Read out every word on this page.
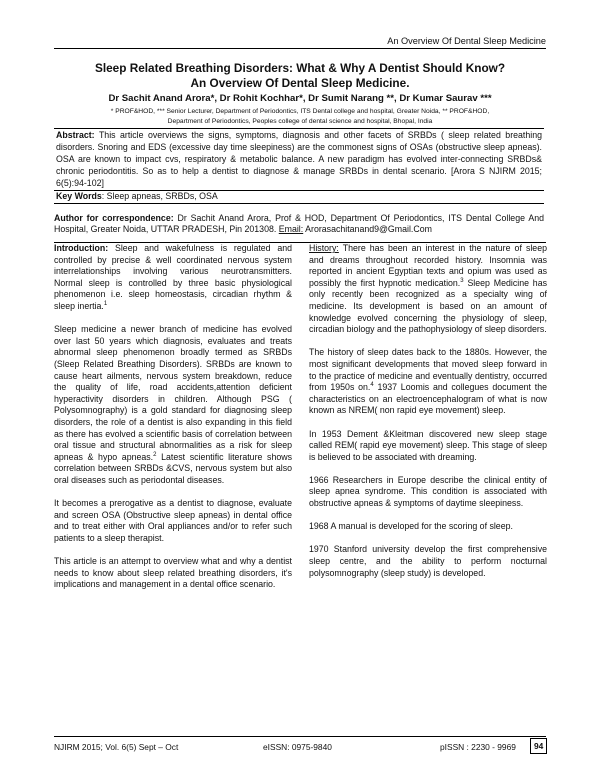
An Overview Of Dental Sleep Medicine
Sleep Related Breathing Disorders: What & Why A Dentist Should Know?
An Overview Of Dental Sleep Medicine.
Dr Sachit Anand Arora*, Dr Rohit Kochhar*, Dr Sumit Narang **, Dr Kumar Saurav ***
* PROF&HOD, *** Senior Lecturer, Department of Periodontics, ITS Dental college and hospital, Greater Noida, ** PROF&HOD,
Department of Periodontics, Peoples college of dental science and hospital, Bhopal, India
Abstract: This article overviews the signs, symptoms, diagnosis and other facets of SRBDs ( sleep related breathing disorders. Snoring and EDS (excessive day time sleepiness) are the commonest signs of OSAs (obstructive sleep apneas). OSA are known to impact cvs, respiratory & metabolic balance. A new paradigm has evolved inter-connecting SRBDs& chronic periodontitis. So as to help a dentist to diagnose & manage SRBDs in dental scenario. [Arora S NJIRM 2015; 6(5):94-102]
Key Words: Sleep apneas, SRBDs, OSA
Author for correspondence: Dr Sachit Anand Arora, Prof & HOD, Department Of Periodontics, ITS Dental College And Hospital, Greater Noida, UTTAR PRADESH, Pin 201308. Email: Arorasachitanand9@Gmail.Com

Introduction: Sleep and wakefulness is regulated and controlled by precise & well coordinated nervous system interrelationships involving various neurotransmitters. Normal sleep is controlled by three basic physiological phenomenon i.e. sleep homeostasis, circadian rhythm & sleep inertia.$^1$

Sleep medicine a newer branch of medicine has evolved over last 50 years which diagnosis, evaluates and treats abnormal sleep phenomenon broadly termed as SRBDs (Sleep Related Breathing Disorders). SRBDs are known to cause heart ailments, nervous system breakdown, reduce the quality of life, road accidents,attention deficient hyperactivity disorders in children. Although PSG ( Polysomnography) is a gold standard for diagnosing sleep disorders, the role of a dentist is also expanding in this field as there has evolved a scientific basis of correlation between oral tissue and structural abnormalities as a risk for sleep apneas & hypo apneas.$^2$ Latest scientific literature shows correlation between SRBDs &CVS, nervous system but also oral diseases such as periodontal diseases.

It becomes a prerogative as a dentist to diagnose, evaluate and screen OSA (Obstructive sleep apneas) in dental office and to treat either with Oral appliances and/or to refer such patients to a sleep therapist.

This article is an attempt to overview what and why a dentist needs to know about sleep related breathing disorders, it's implications and management in a dental office scenario.

History: There has been an interest in the nature of sleep and dreams throughout recorded history. Insomnia was reported in ancient Egyptian texts and opium was used as possibly the first hypnotic medication.$^3$ Sleep Medicine has only recently been recognized as a specialty wing of medicine. Its development is based on an amount of knowledge evolved concerning the physiology of sleep, circadian biology and the pathophysiology of sleep disorders.

The history of sleep dates back to the 1880s. However, the most significant developments that moved sleep forward in to the practice of medicine and eventually dentistry, occurred from 1950s on.$^4$ 1937 Loomis and collegues document the characteristics on an electroencephalogram of what is now known as NREM( non rapid eye movement) sleep.

In 1953 Dement &Kleitman discovered new sleep stage called REM( rapid eye movement) sleep. This stage of sleep is believed to be associated with dreaming.

1966 Researchers in Europe describe the clinical entity of sleep apnea syndrome. This condition is associated with obstructive apneas & symptoms of daytime sleepiness.

1968 A manual is developed for the scoring of sleep.

1970 Stanford university develop the first comprehensive sleep centre, and the ability to perform nocturnal polysomnography (sleep study) is developed.

NJIRM 2015; Vol. 6(5) Sept – Oct	eISSN: 0975-9840	pISSN : 2230 - 9969	94
